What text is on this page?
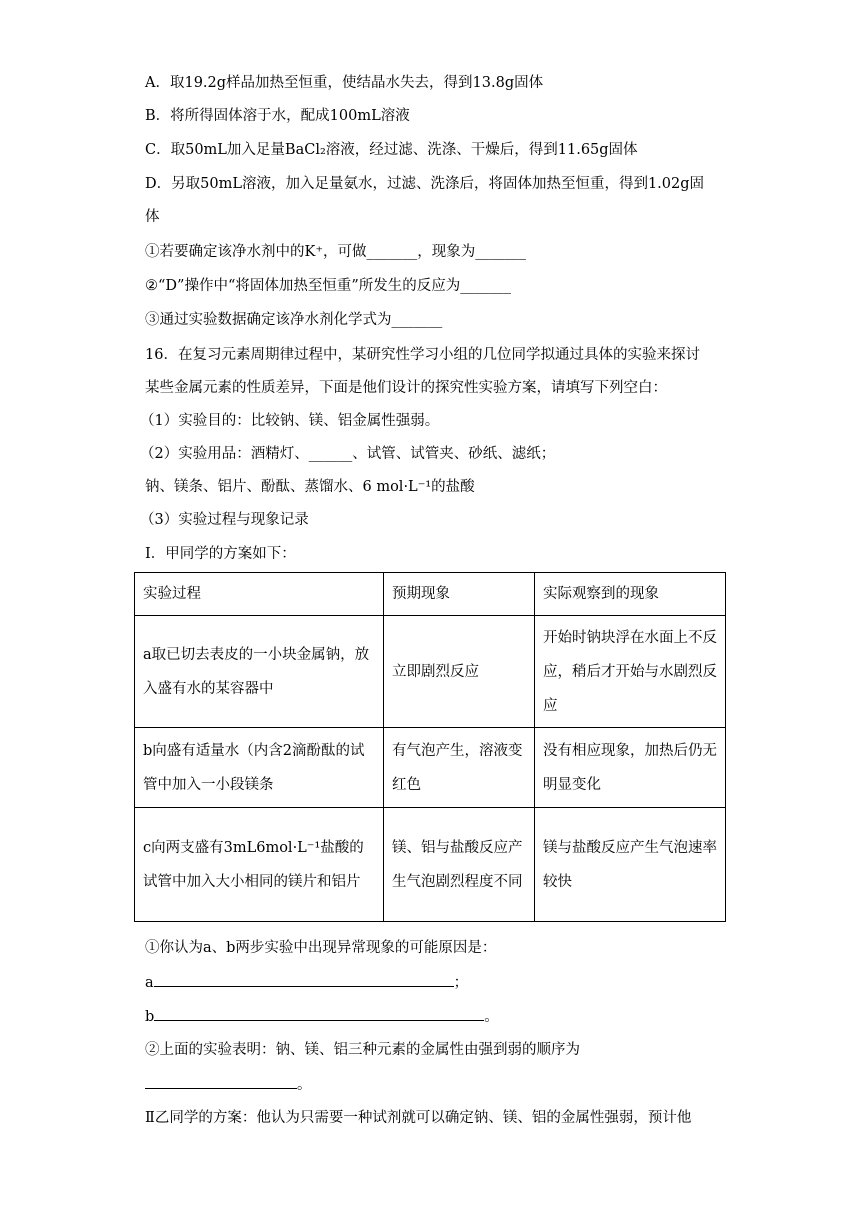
A．取19.2g样品加热至恒重，使结晶水失去，得到13.8g固体
B．将所得固体溶于水，配成100mL溶液
C．取50mL加入足量BaCl₂溶液，经过滤、洗涤、干燥后，得到11.65g固体
D．另取50mL溶液，加入足量氨水，过滤、洗涤后，将固体加热至恒重，得到1.02g固
体
①若要确定该净水剂中的K⁺，可做_______，现象为_______
②“D”操作中“将固体加热至恒重”所发生的反应为_______
③通过实验数据确定该净水剂化学式为_______
16．在复习元素周期律过程中，某研究性学习小组的几位同学拟通过具体的实验来探讨
某些金属元素的性质差异，下面是他们设计的探究性实验方案，请填写下列空白：
（1）实验目的：比较钠、镁、铝金属性强弱。
（2）实验用品：酒精灯、______、试管、试管夹、砂纸、滤纸；
钠、镁条、铝片、酚酞、蒸馏水、6 mol·L⁻¹的盐酸
（3）实验过程与现象记录
Ⅰ．甲同学的方案如下：
实验过程	预期现象	实际观察到的现象
a取已切去表皮的一小块金属钠，放入盛有水的某容器中	立即剧烈反应	开始时钠块浮在水面上不反应，稍后才开始与水剧烈反应
b向盛有适量水（内含2滴酚酞的试管中加入一小段镁条	有气泡产生，溶液变红色	没有相应现象，加热后仍无明显变化
c向两支盛有3mL6mol·L⁻¹盐酸的试管中加入大小相同的镁片和铝片	镁、铝与盐酸反应产生气泡剧烈程度不同	镁与盐酸反应产生气泡速率较快
①你认为a、b两步实验中出现异常现象的可能原因是：
a	；
b	。
②上面的实验表明：钠、镁、铝三种元素的金属性由强到弱的顺序为
。
Ⅱ乙同学的方案：他认为只需要一种试剂就可以确定钠、镁、铝的金属性强弱，预计他
